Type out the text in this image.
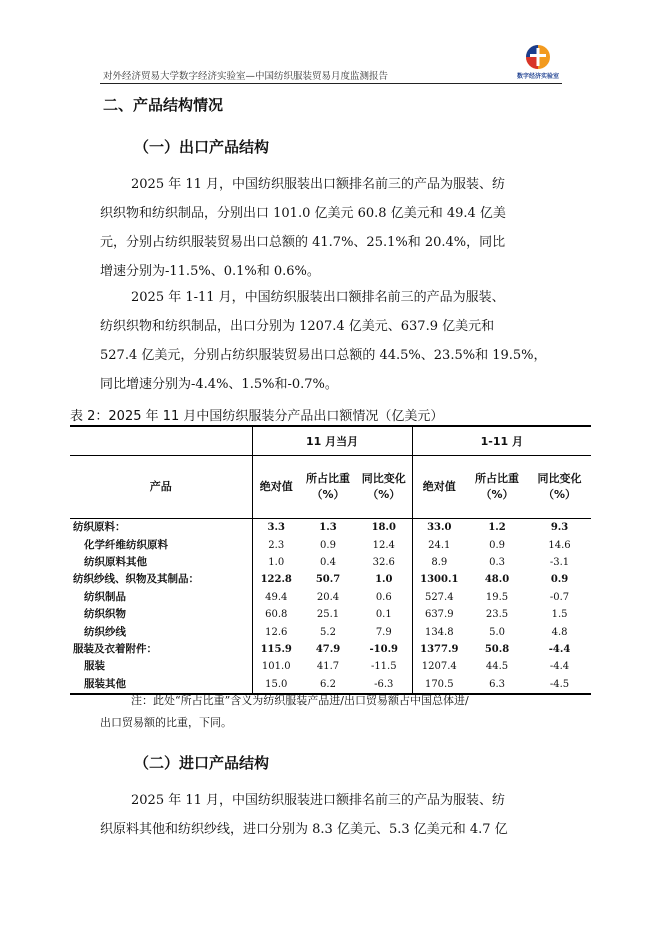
数字经济实验室
对外经济贸易大学数字经济实验室—中国纺织服装贸易月度监测报告
二、产品结构情况
（一）出口产品结构
2025 年 11 月，中国纺织服装出口额排名前三的产品为服装、纺
织织物和纺织制品，分别出口 101.0 亿美元 60.8 亿美元和 49.4 亿美
元，分别占纺织服装贸易出口总额的 41.7%、25.1%和 20.4%，同比
增速分别为-11.5%、0.1%和 0.6%。
2025 年 1-11 月，中国纺织服装出口额排名前三的产品为服装、
纺织织物和纺织制品，出口分别为 1207.4 亿美元、637.9 亿美元和
527.4 亿美元，分别占纺织服装贸易出口总额的 44.5%、23.5%和 19.5%，
同比增速分别为-4.4%、1.5%和-0.7%。
表 2：2025 年 11 月中国纺织服装分产品出口额情况（亿美元）
	11 月当月			1-11 月		
产品	绝对值	所占比重
（%）	同比变化
（%）	绝对值	所占比重
（%）	同比变化
（%）
纺织原料：	3.3	1.3	18.0	33.0	1.2	9.3
化学纤维纺织原料	2.3	0.9	12.4	24.1	0.9	14.6
纺织原料其他	1.0	0.4	32.6	8.9	0.3	-3.1
纺织纱线、织物及其制品：	122.8	50.7	1.0	1300.1	48.0	0.9
纺织制品	49.4	20.4	0.6	527.4	19.5	-0.7
纺织织物	60.8	25.1	0.1	637.9	23.5	1.5
纺织纱线	12.6	5.2	7.9	134.8	5.0	4.8
服装及衣着附件：	115.9	47.9	-10.9	1377.9	50.8	-4.4
服装	101.0	41.7	-11.5	1207.4	44.5	-4.4
服装其他	15.0	6.2	-6.3	170.5	6.3	-4.5
注：此处“所占比重”含义为纺织服装产品进/出口贸易额占中国总体进/
出口贸易额的比重，下同。
（二）进口产品结构
2025 年 11 月，中国纺织服装进口额排名前三的产品为服装、纺
织原料其他和纺织纱线，进口分别为 8.3 亿美元、5.3 亿美元和 4.7 亿
